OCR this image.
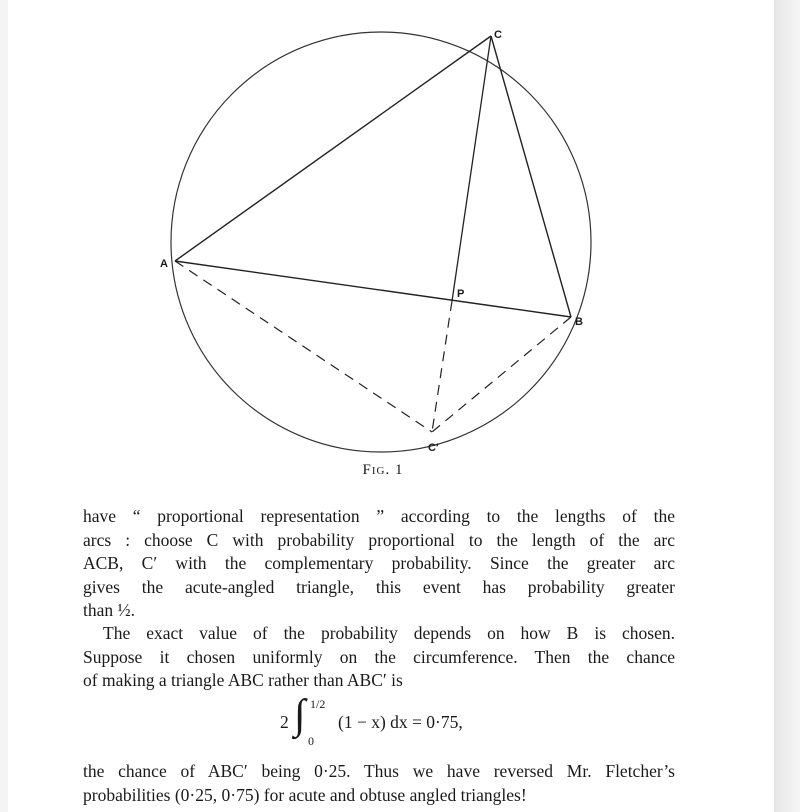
A
B
C
P
C′
Fig. 1
have “ proportional representation ” according to the lengths of the
arcs : choose C with probability proportional to the length of the arc
ACB, C′ with the complementary probability. Since the greater arc
gives the acute-angled triangle, this event has probability greater
than ½.
The exact value of the probability depends on how B is chosen.
Suppose it chosen uniformly on the circumference. Then the chance
of making a triangle ABC rather than ABC′ is
2 ∫ 1/2
0
(1 − x) dx = 0·75,
the chance of ABC′ being 0·25. Thus we have reversed Mr. Fletcher’s
probabilities (0·25, 0·75) for acute and obtuse angled triangles!
